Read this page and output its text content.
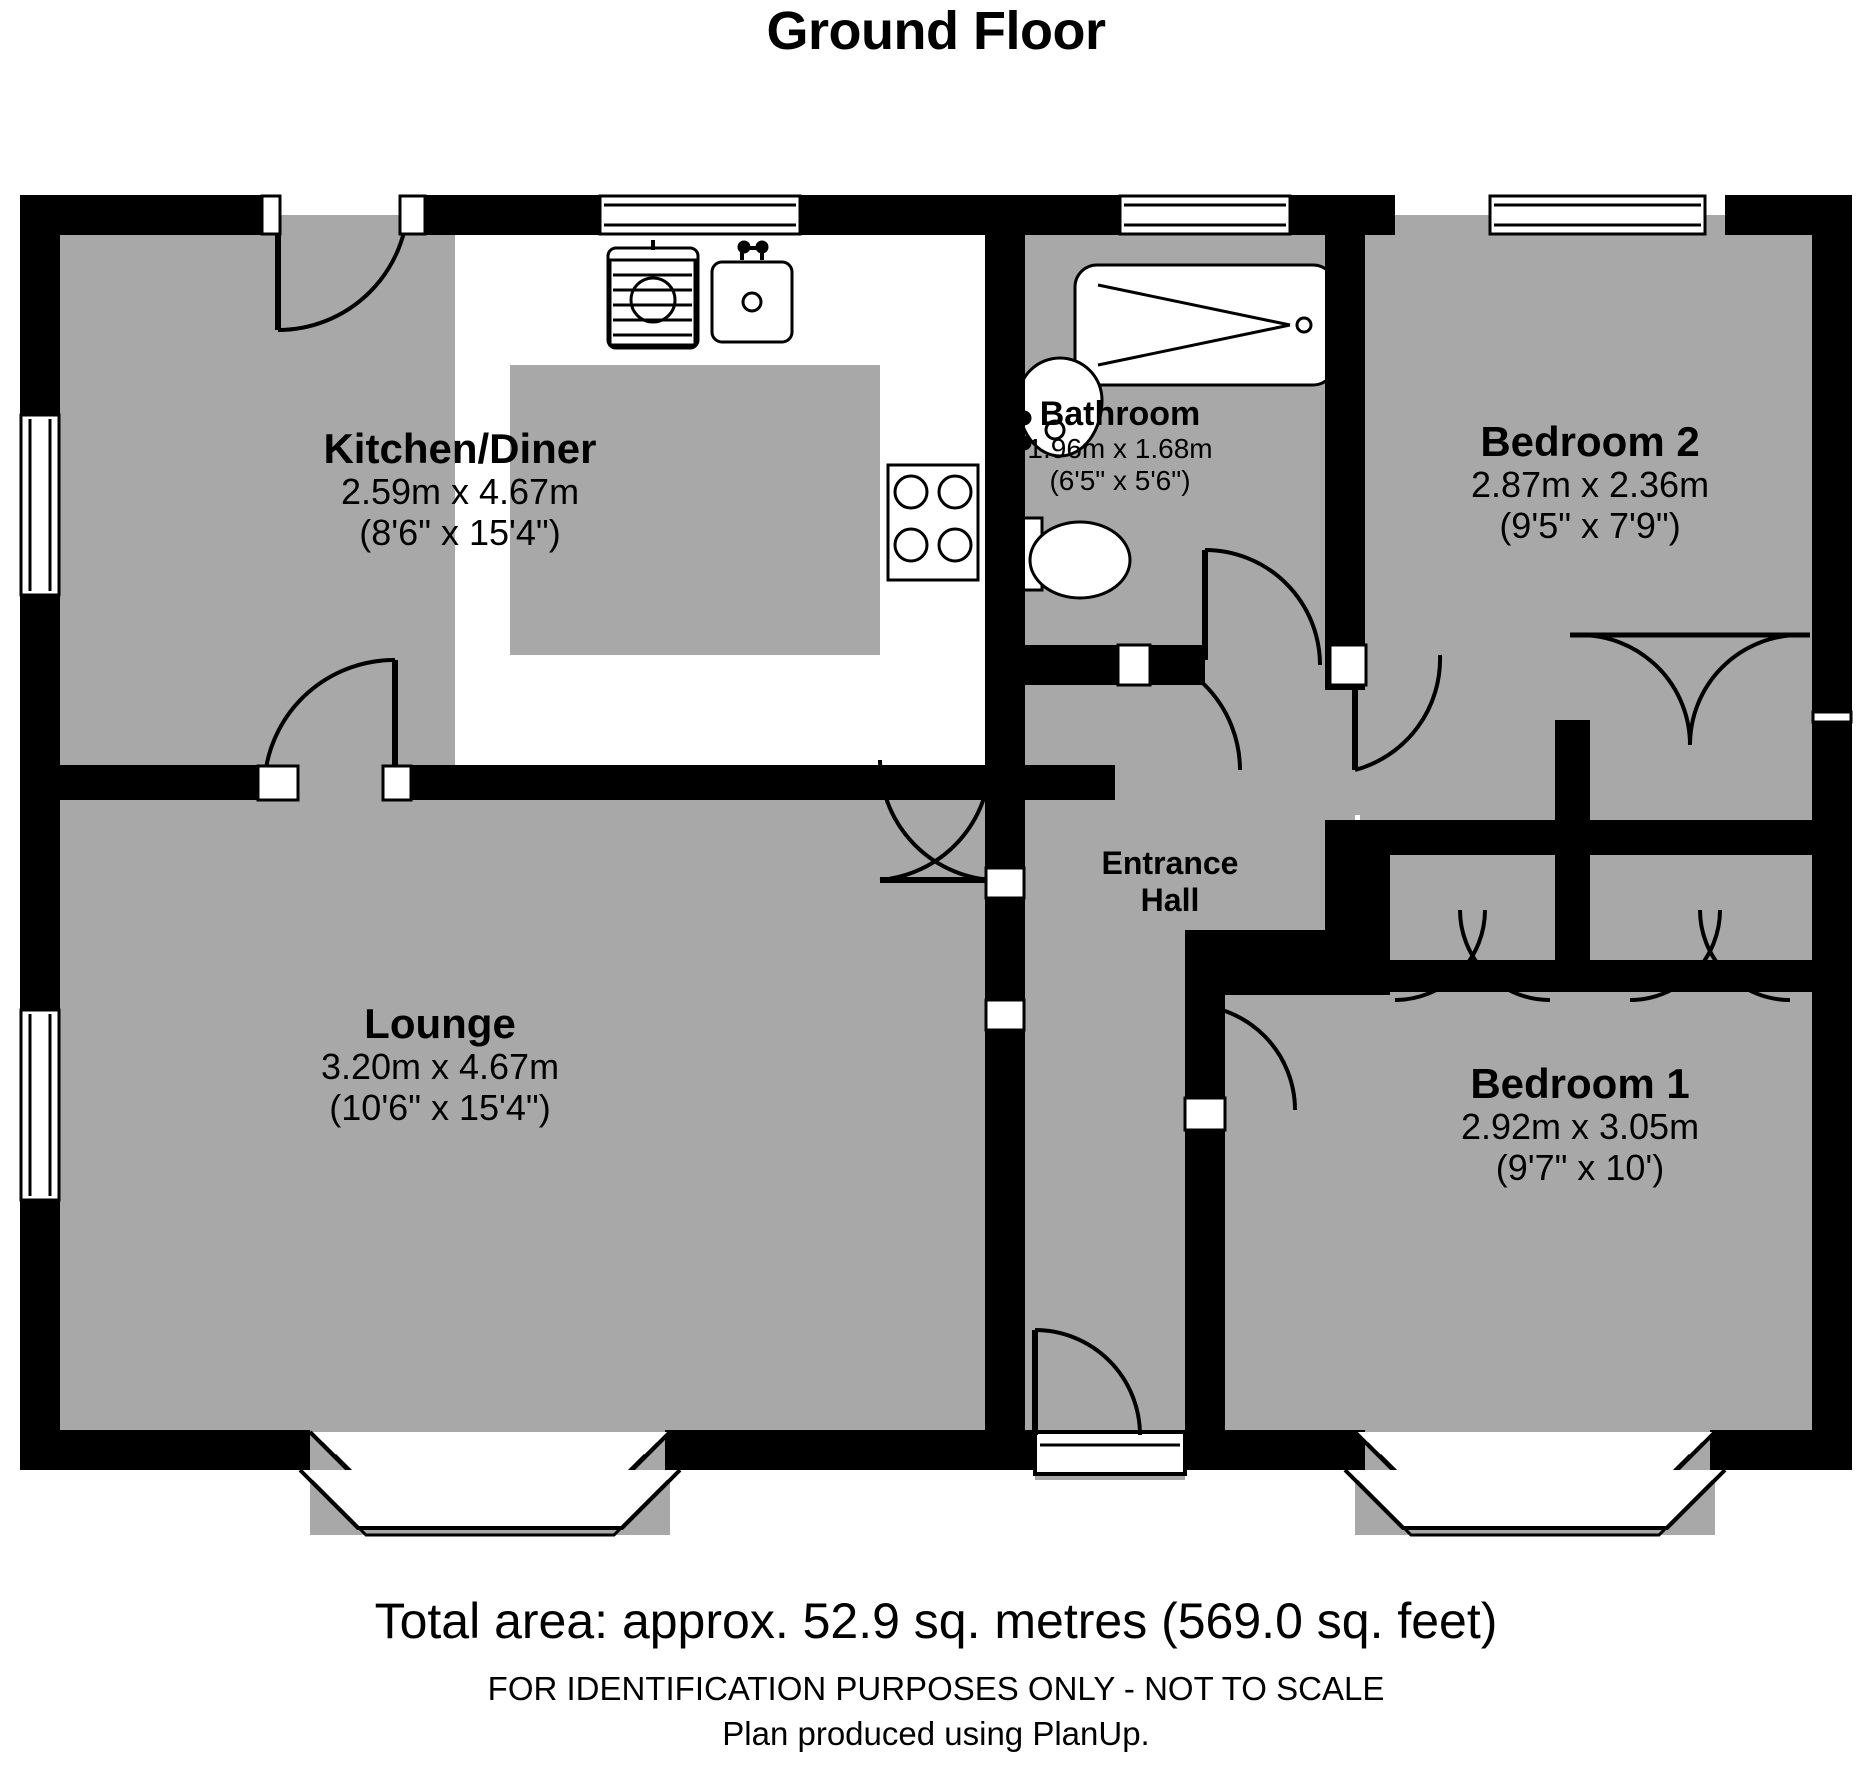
Ground Floor
Kitchen/Diner
2.59m x 4.67m
(8'6" x 15'4")
Bathroom
1.96m x 1.68m
(6'5" x 5'6")
Bedroom 2
2.87m x 2.36m
(9'5" x 7'9")
Lounge
3.20m x 4.67m
(10'6" x 15'4")
Bedroom 1
2.92m x 3.05m
(9'7" x 10')
Entrance
Hall
Total area: approx. 52.9 sq. metres (569.0 sq. feet)
FOR IDENTIFICATION PURPOSES ONLY - NOT TO SCALE
Plan produced using PlanUp.
